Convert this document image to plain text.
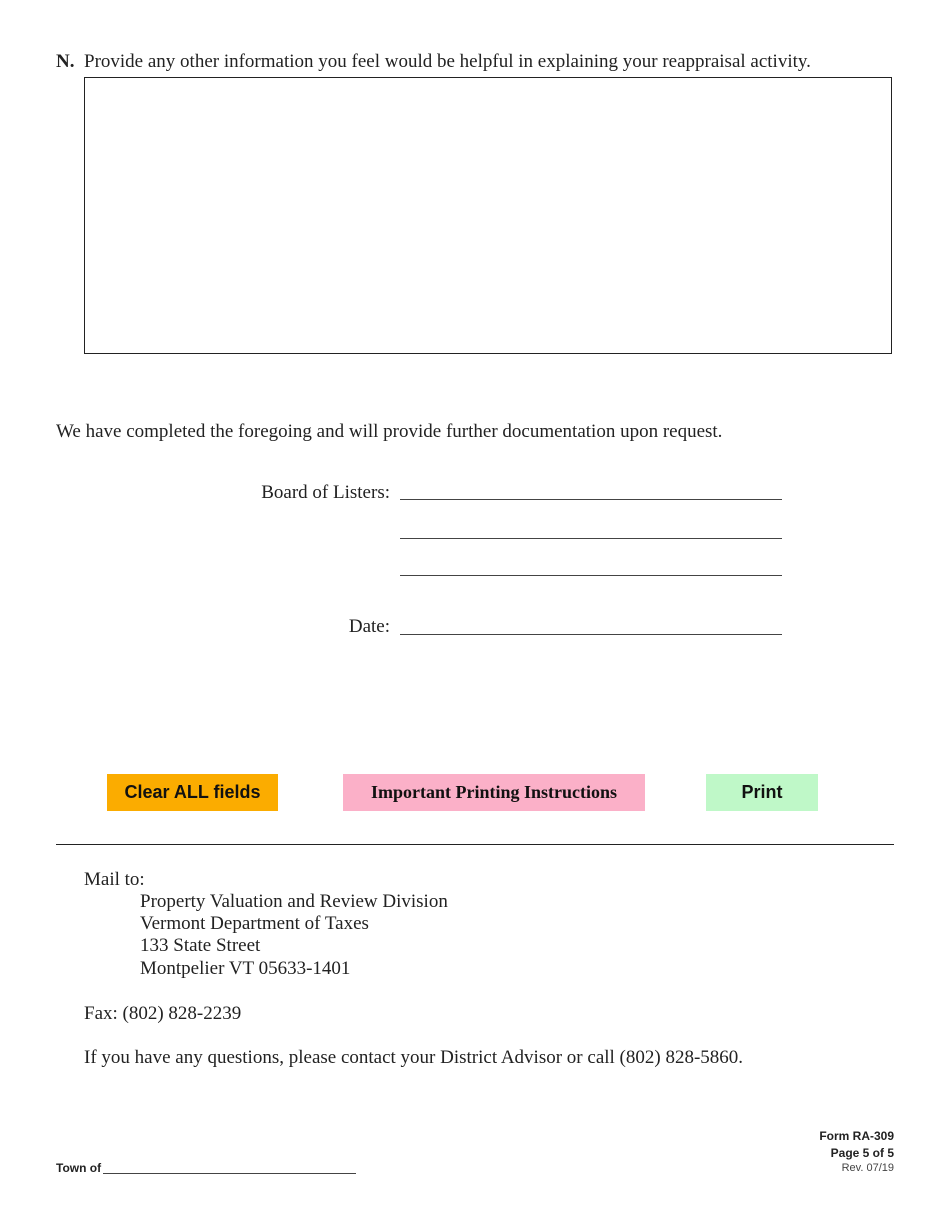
N. Provide any other information you feel would be helpful in explaining your reappraisal activity.
We have completed the foregoing and will provide further documentation upon request.
Board of Listers:
Date:
Clear ALL fields	Important Printing Instructions	Print
Mail to:
Property Valuation and Review Division
Vermont Department of Taxes
133 State Street
Montpelier VT 05633-1401
Fax: (802) 828-2239
If you have any questions, please contact your District Advisor or call (802) 828-5860.
Town of
Form RA-309
Page 5 of 5
Rev. 07/19
